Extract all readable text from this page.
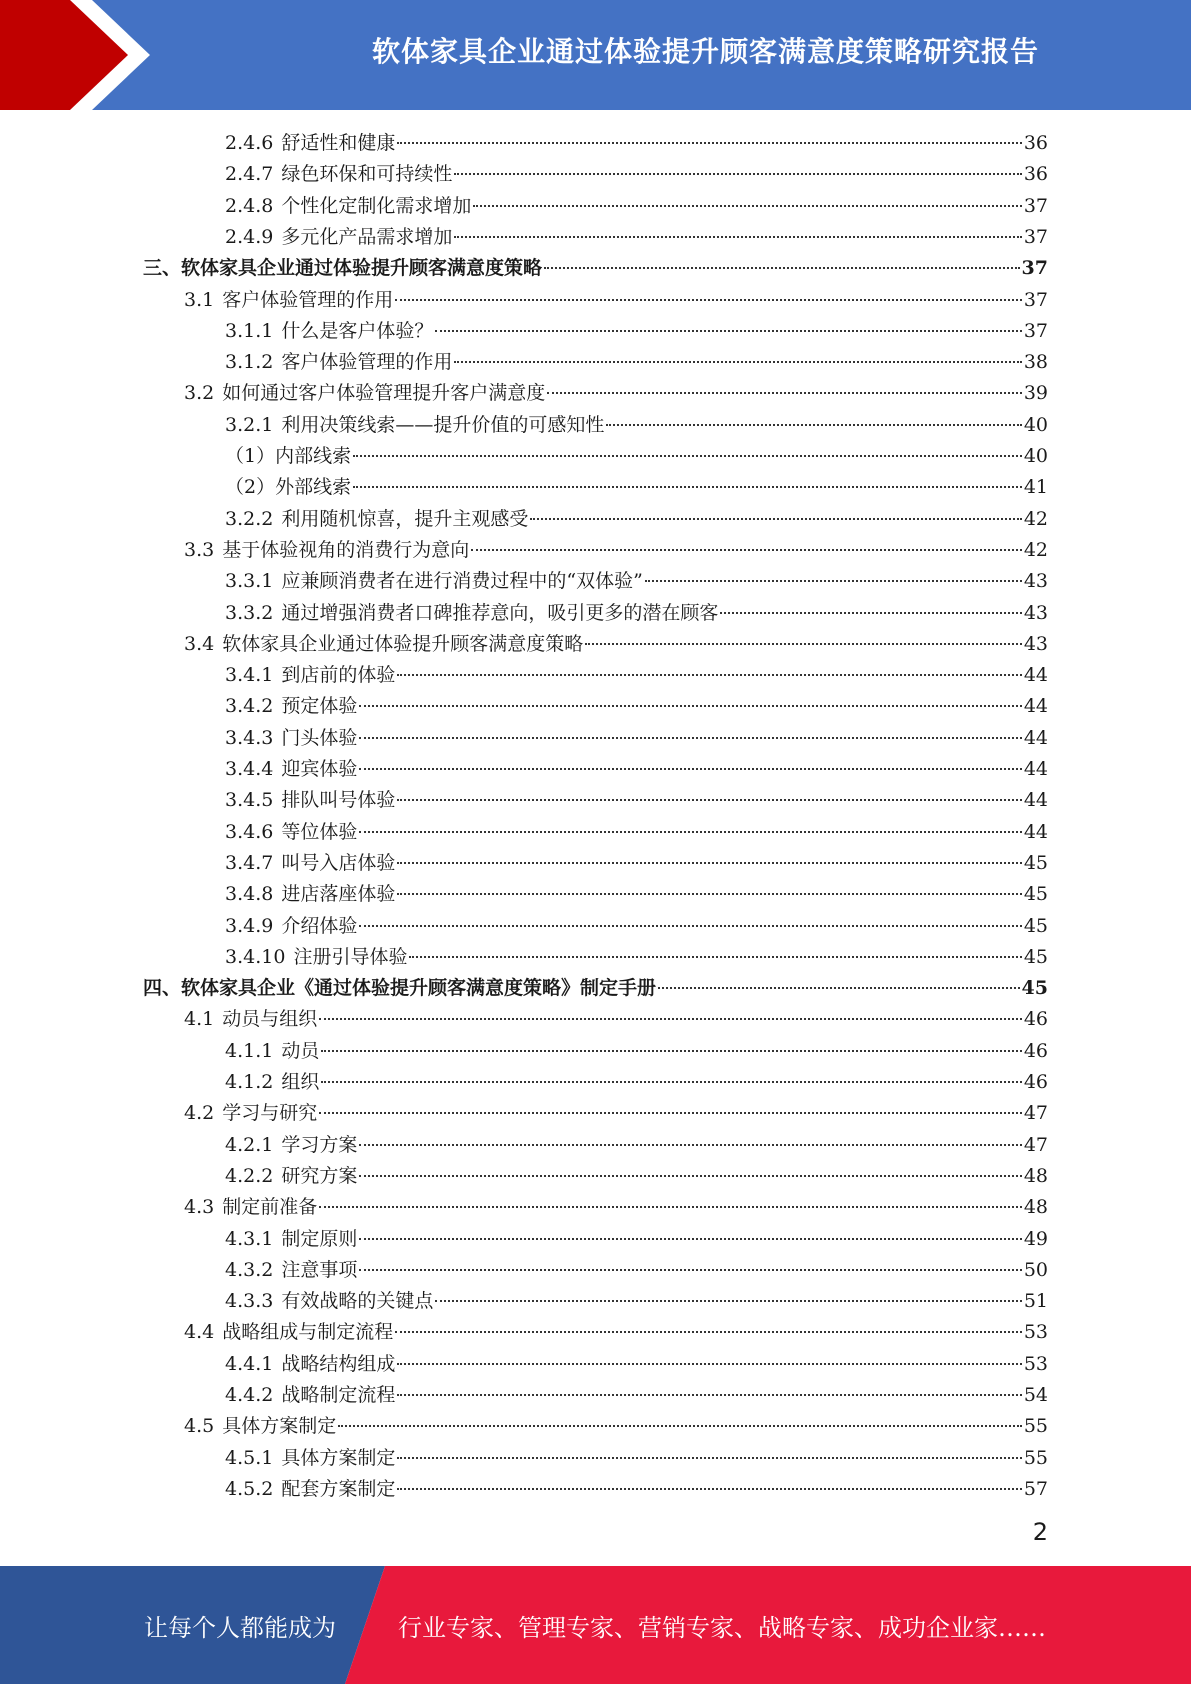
软体家具企业通过体验提升顾客满意度策略研究报告
2.4.6 舒适性和健康	36
2.4.7 绿色环保和可持续性	36
2.4.8 个性化定制化需求增加	37
2.4.9 多元化产品需求增加	37
三、软体家具企业通过体验提升顾客满意度策略	37
3.1 客户体验管理的作用	37
3.1.1 什么是客户体验？	37
3.1.2 客户体验管理的作用	38
3.2 如何通过客户体验管理提升客户满意度	39
3.2.1 利用决策线索——提升价值的可感知性	40
（1）内部线索	40
（2）外部线索	41
3.2.2 利用随机惊喜，提升主观感受	42
3.3 基于体验视角的消费行为意向	42
3.3.1 应兼顾消费者在进行消费过程中的“双体验”	43
3.3.2 通过增强消费者口碑推荐意向，吸引更多的潜在顾客	43
3.4 软体家具企业通过体验提升顾客满意度策略	43
3.4.1 到店前的体验	44
3.4.2 预定体验	44
3.4.3 门头体验	44
3.4.4 迎宾体验	44
3.4.5 排队叫号体验	44
3.4.6 等位体验	44
3.4.7 叫号入店体验	45
3.4.8 进店落座体验	45
3.4.9 介绍体验	45
3.4.10 注册引导体验	45
四、软体家具企业《通过体验提升顾客满意度策略》制定手册	45
4.1 动员与组织	46
4.1.1 动员	46
4.1.2 组织	46
4.2 学习与研究	47
4.2.1 学习方案	47
4.2.2 研究方案	48
4.3 制定前准备	48
4.3.1 制定原则	49
4.3.2 注意事项	50
4.3.3 有效战略的关键点	51
4.4 战略组成与制定流程	53
4.4.1 战略结构组成	53
4.4.2 战略制定流程	54
4.5 具体方案制定	55
4.5.1 具体方案制定	55
4.5.2 配套方案制定	57
2
让每个人都能成为	行业专家、管理专家、营销专家、战略专家、成功企业家……
